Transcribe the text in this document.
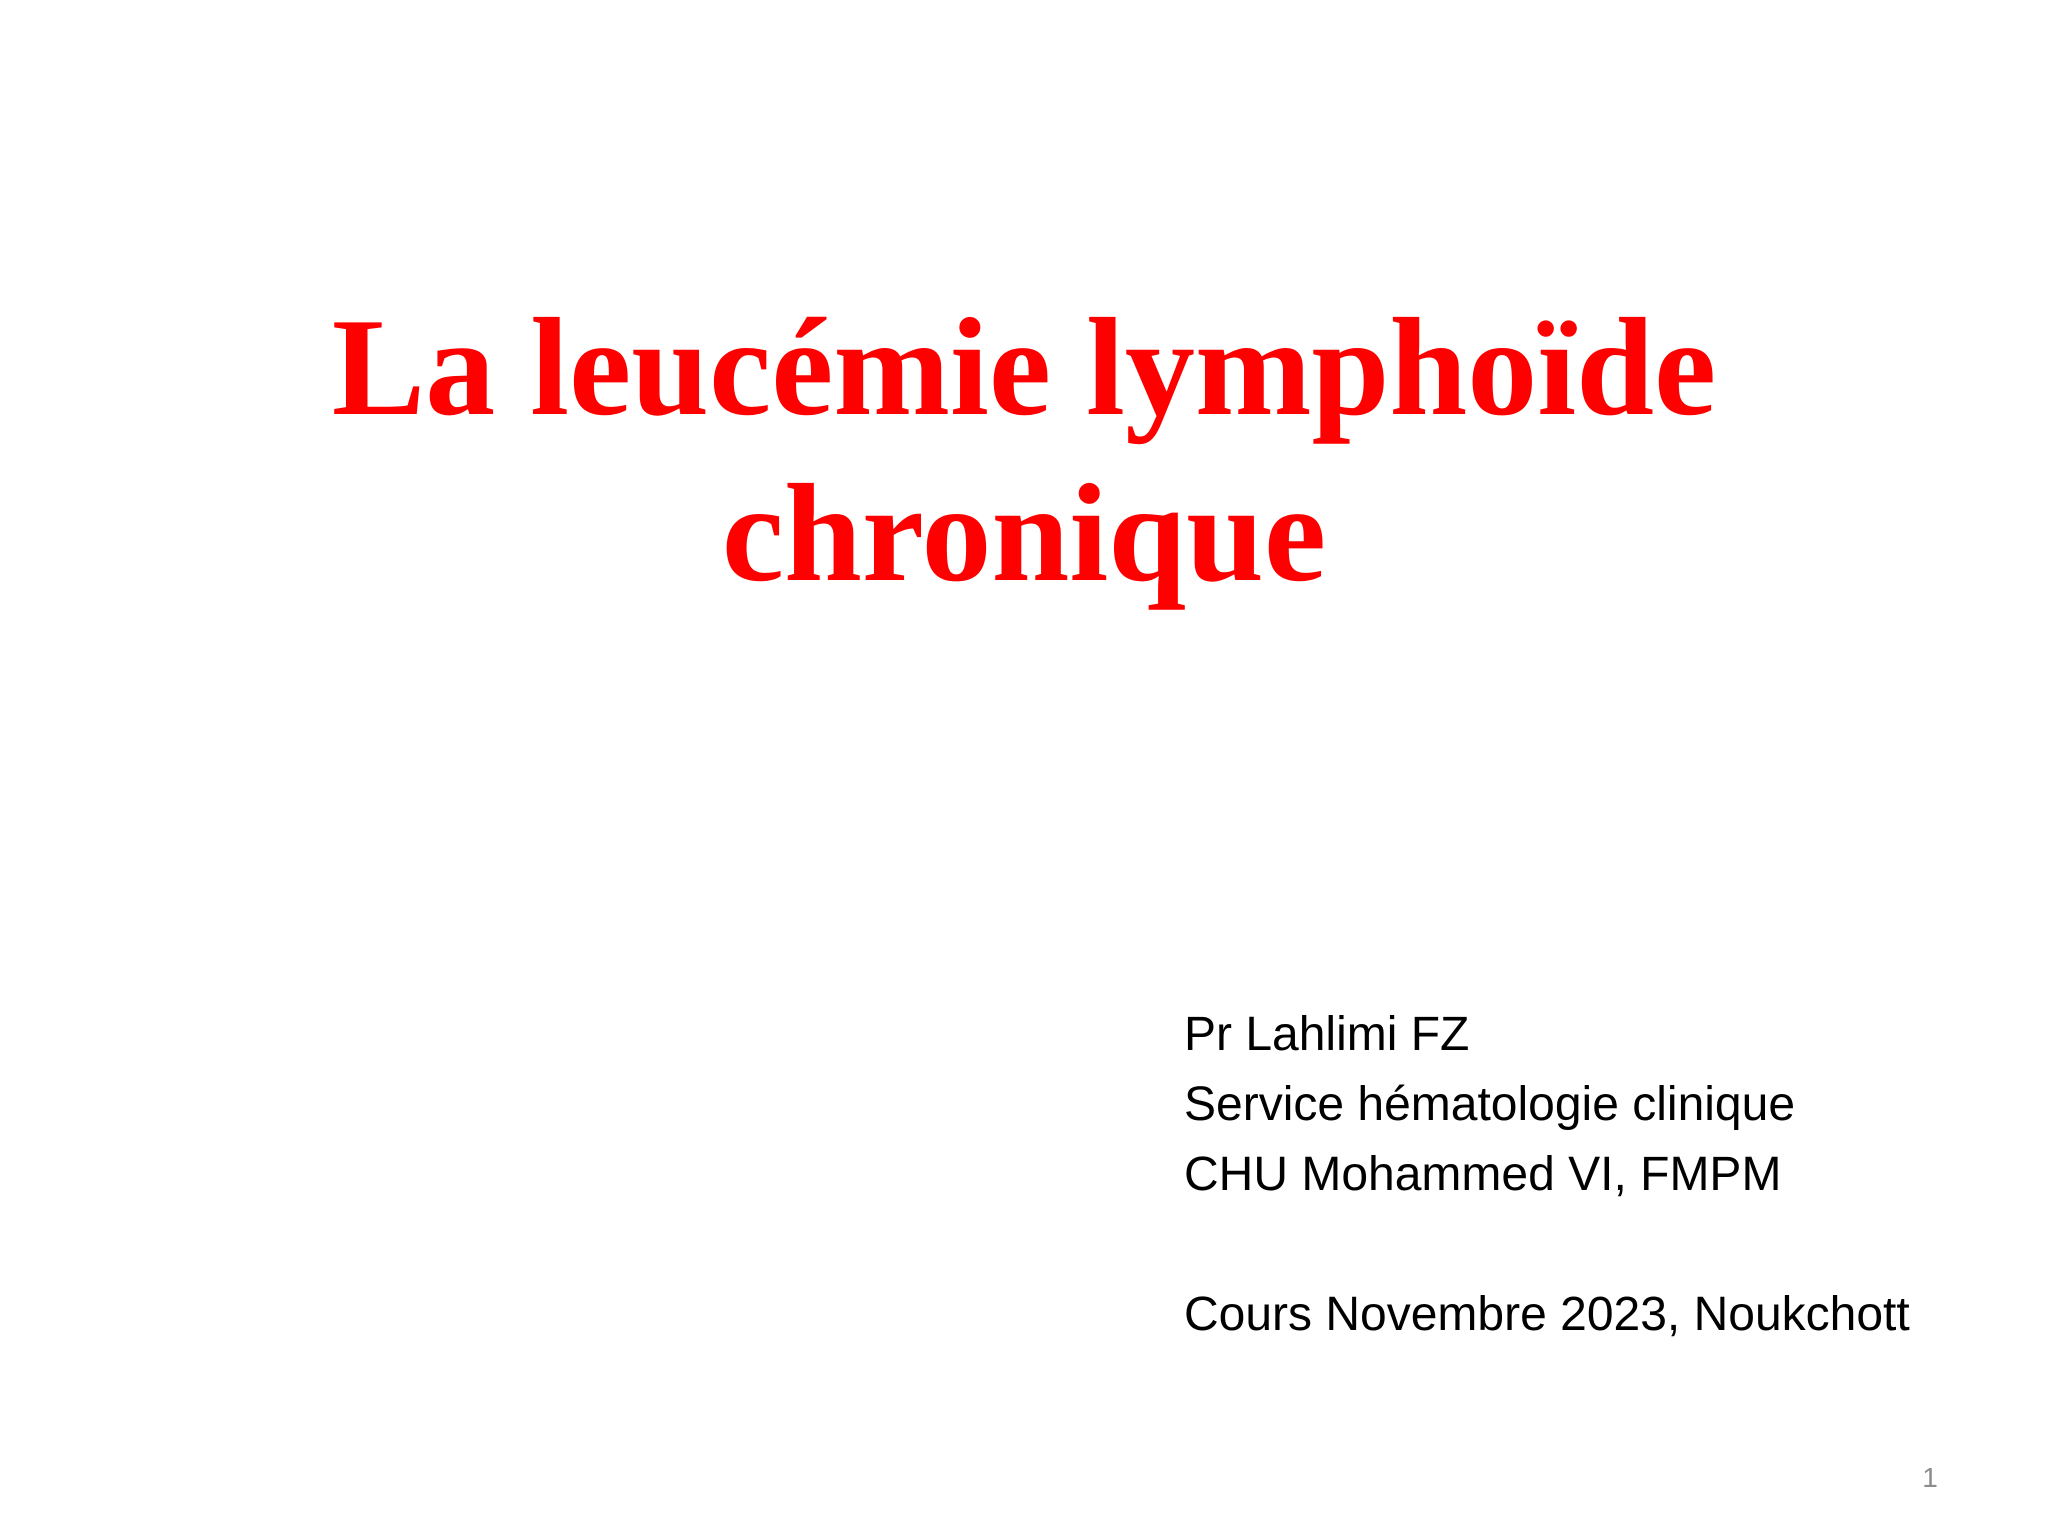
La leucémie lymphoïde
chronique
Pr Lahlimi FZ
Service hématologie clinique
CHU Mohammed VI, FMPM
Cours Novembre 2023, Noukchott
1
